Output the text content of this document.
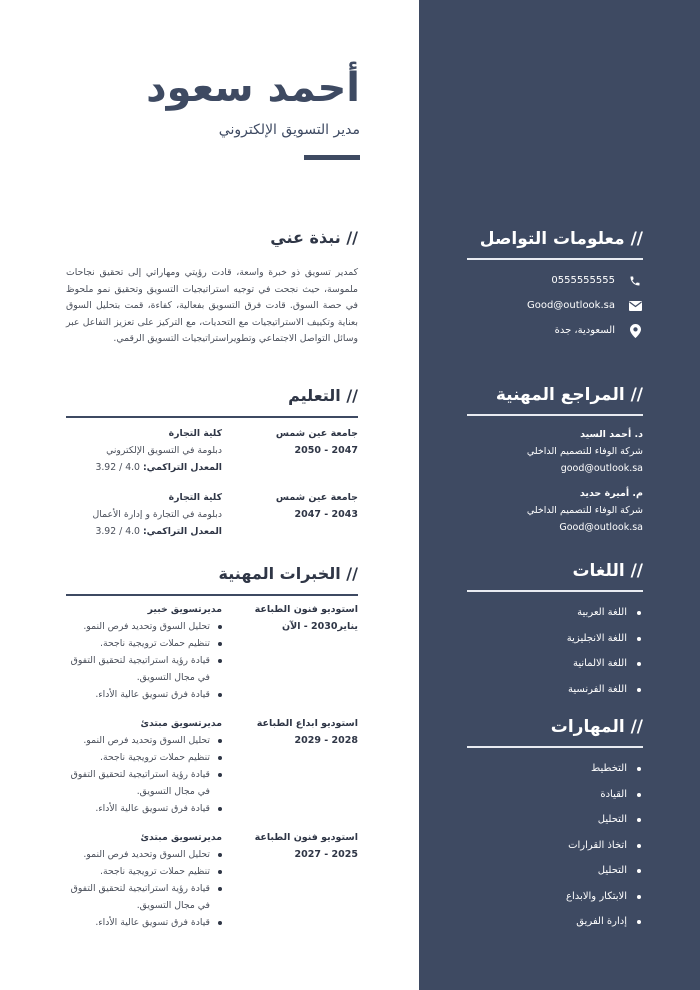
// معلومات التواصل
0555555555
Good@outlook.sa
السعودية، جدة
// المراجع المهنية
د. أحمد السيد
شركة الوفاء للتصميم الداخلي
good@outlook.sa
م. أميرة حديد
شركة الوفاء للتصميم الداخلي
Good@outlook.sa
// اللغات
اللغة العربية
اللغة الانجليزية
اللغة الالمانية
اللغة الفرنسية
// المهارات
التخطيط
القيادة
التحليل
اتخاذ القرارات
التحليل
الابتكار والابداع
إدارة الفريق
أحمد سعود
مدير التسويق الإلكتروني
// نبذة عني

كمدير تسويق ذو خبرة واسعة، قادت رؤيتي ومهاراتي إلى تحقيق نجاحات ملموسة، حيث نجحت في توجيه استراتيجيات التسويق وتحقيق نمو ملحوظ في حصة السوق. قادت فرق التسويق بفعالية، كفاءة، قمت بتحليل السوق بعناية وتكييف الاستراتيجيات مع التحديات، مع التركيز على تعزيز التفاعل عبر وسائل التواصل الاجتماعي وتطويراستراتيجيات التسويق الرقمي.

// التعليم
جامعة عين شمس
2047 - 2050
كلية التجارة
دبلومة في التسويق الإلكتروني
المعدل التراكمي: 4.0 / 3.92
جامعة عين شمس
2043 - 2047
كلية التجارة
دبلومة في التجارة و إدارة الأعمال
المعدل التراكمي: 4.0 / 3.92
// الخبرات المهنية
استوديو فنون الطباعة
يناير2030 - الآن
مديرتسويق خبير
تحليل السوق وتحديد فرص النمو.
تنظيم حملات ترويجية ناجحة.
قيادة رؤية استراتيجية لتحقيق التفوق في مجال التسويق.
قيادة فرق تسويق عالية الأداء.
استوديو ابداع الطباعة
2028 - 2029
مديرتسويق مبتدئ
تحليل السوق وتحديد فرص النمو.
تنظيم حملات ترويجية ناجحة.
قيادة رؤية استراتيجية لتحقيق التفوق في مجال التسويق.
قيادة فرق تسويق عالية الأداء.
استوديو فنون الطباعة
2025 - 2027
مديرتسويق مبتدئ
تحليل السوق وتحديد فرص النمو.
تنظيم حملات ترويجية ناجحة.
قيادة رؤية استراتيجية لتحقيق التفوق في مجال التسويق.
قيادة فرق تسويق عالية الأداء.
